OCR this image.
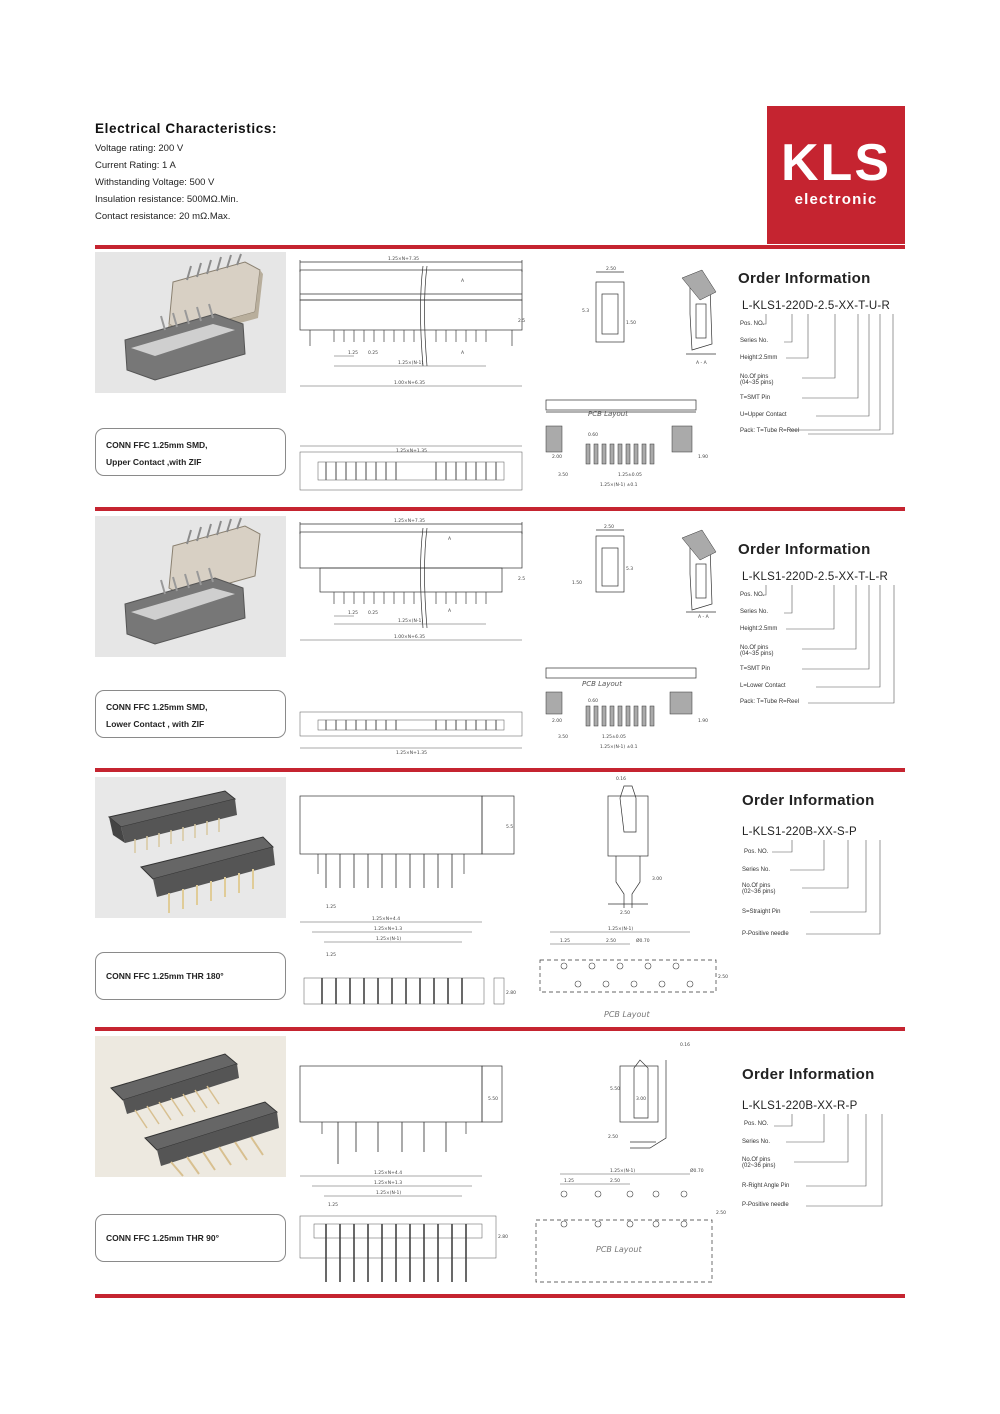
Electrical Characteristics:
Voltage rating: 200 V
Current Rating: 1 A
Withstanding Voltage: 500 V
Insulation resistance: 500MΩ.Min.
Contact resistance: 20 mΩ.Max.
KLS
electronic
CONN FFC 1.25mm SMD,
Upper Contact ,with ZIF
1.25×N+7.35
A
A
1.25 0.25
1.25×(N-1)
1.00×N+6.35
2.5
1.25×N+1.35
2.50
5.3
1.50
A - A
0.60
2.00
3.50	1.25±0.05
1.25×(N-1) ±0.1
1.90
PCB Layout
Order Information
L-KLS1-220D-2.5-XX-T-U-R
Pos. NO.
Series No.
Height:2.5mm
No.Of pins
(04~35 pins)
T=SMT Pin
U=Upper Contact
Pack: T=Tube R=Reel
CONN FFC 1.25mm SMD,
Lower Contact , with ZIF
1.25×N+7.35
A
A
1.25 0.25
1.25×(N-1)
1.00×N+6.35
2.5
1.25×N+1.35
2.50
5.3
1.50
A - A
0.60
2.00
3.50	1.25±0.05
1.25×(N-1) ±0.1
1.90
PCB Layout
Order Information
L-KLS1-220D-2.5-XX-T-L-R
Pos. NO.
Series No.
Height:2.5mm
No.Of pins
(04~35 pins)
T=SMT Pin
L=Lower Contact
Pack: T=Tube R=Reel
CONN FFC 1.25mm THR 180°
5.5
1.25
1.25×N+4.4
1.25×N+1.3
1.25×(N-1)
1.25
2.80
0.16
3.00
2.50
1.25×(N-1)
1.25	2.50	Ø0.70
2.50
PCB Layout
Order Information
L-KLS1-220B-XX-S-P
Pos. NO.
Series No.
No.Of pins
(02~36 pins)
S=Straight Pin
P-Positive needle
CONN FFC 1.25mm THR 90°
5.50
1.25×N+4.4
1.25×N+1.3
1.25×(N-1)
1.25
2.80
0.16
5.50
3.00
2.50
1.25×(N-1)
1.25	2.50
Ø0.70
2.50
PCB Layout
Order Information
L-KLS1-220B-XX-R-P
Pos. NO.
Series No.
No.Of pins
(02~36 pins)
R-Right Angle Pin
P-Positive needle
